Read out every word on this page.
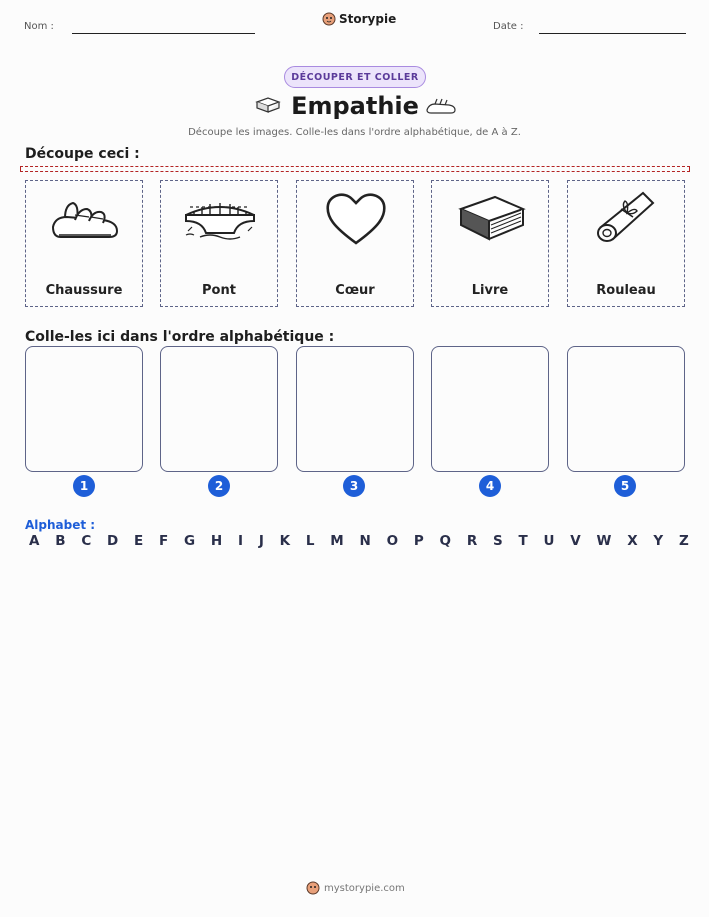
Nom :
Storypie
Date :
DÉCOUPER ET COLLER
Empathie
Découpe les images. Colle-les dans l'ordre alphabétique, de A à Z.
Découpe ceci :
Chaussure	Pont	Cœur	Livre	Rouleau
Colle-les ici dans l'ordre alphabétique :
1	2	3	4	5
Alphabet :
A B C D E F G H I J K L M N O P Q R S T U V W X Y Z
mystorypie.com
